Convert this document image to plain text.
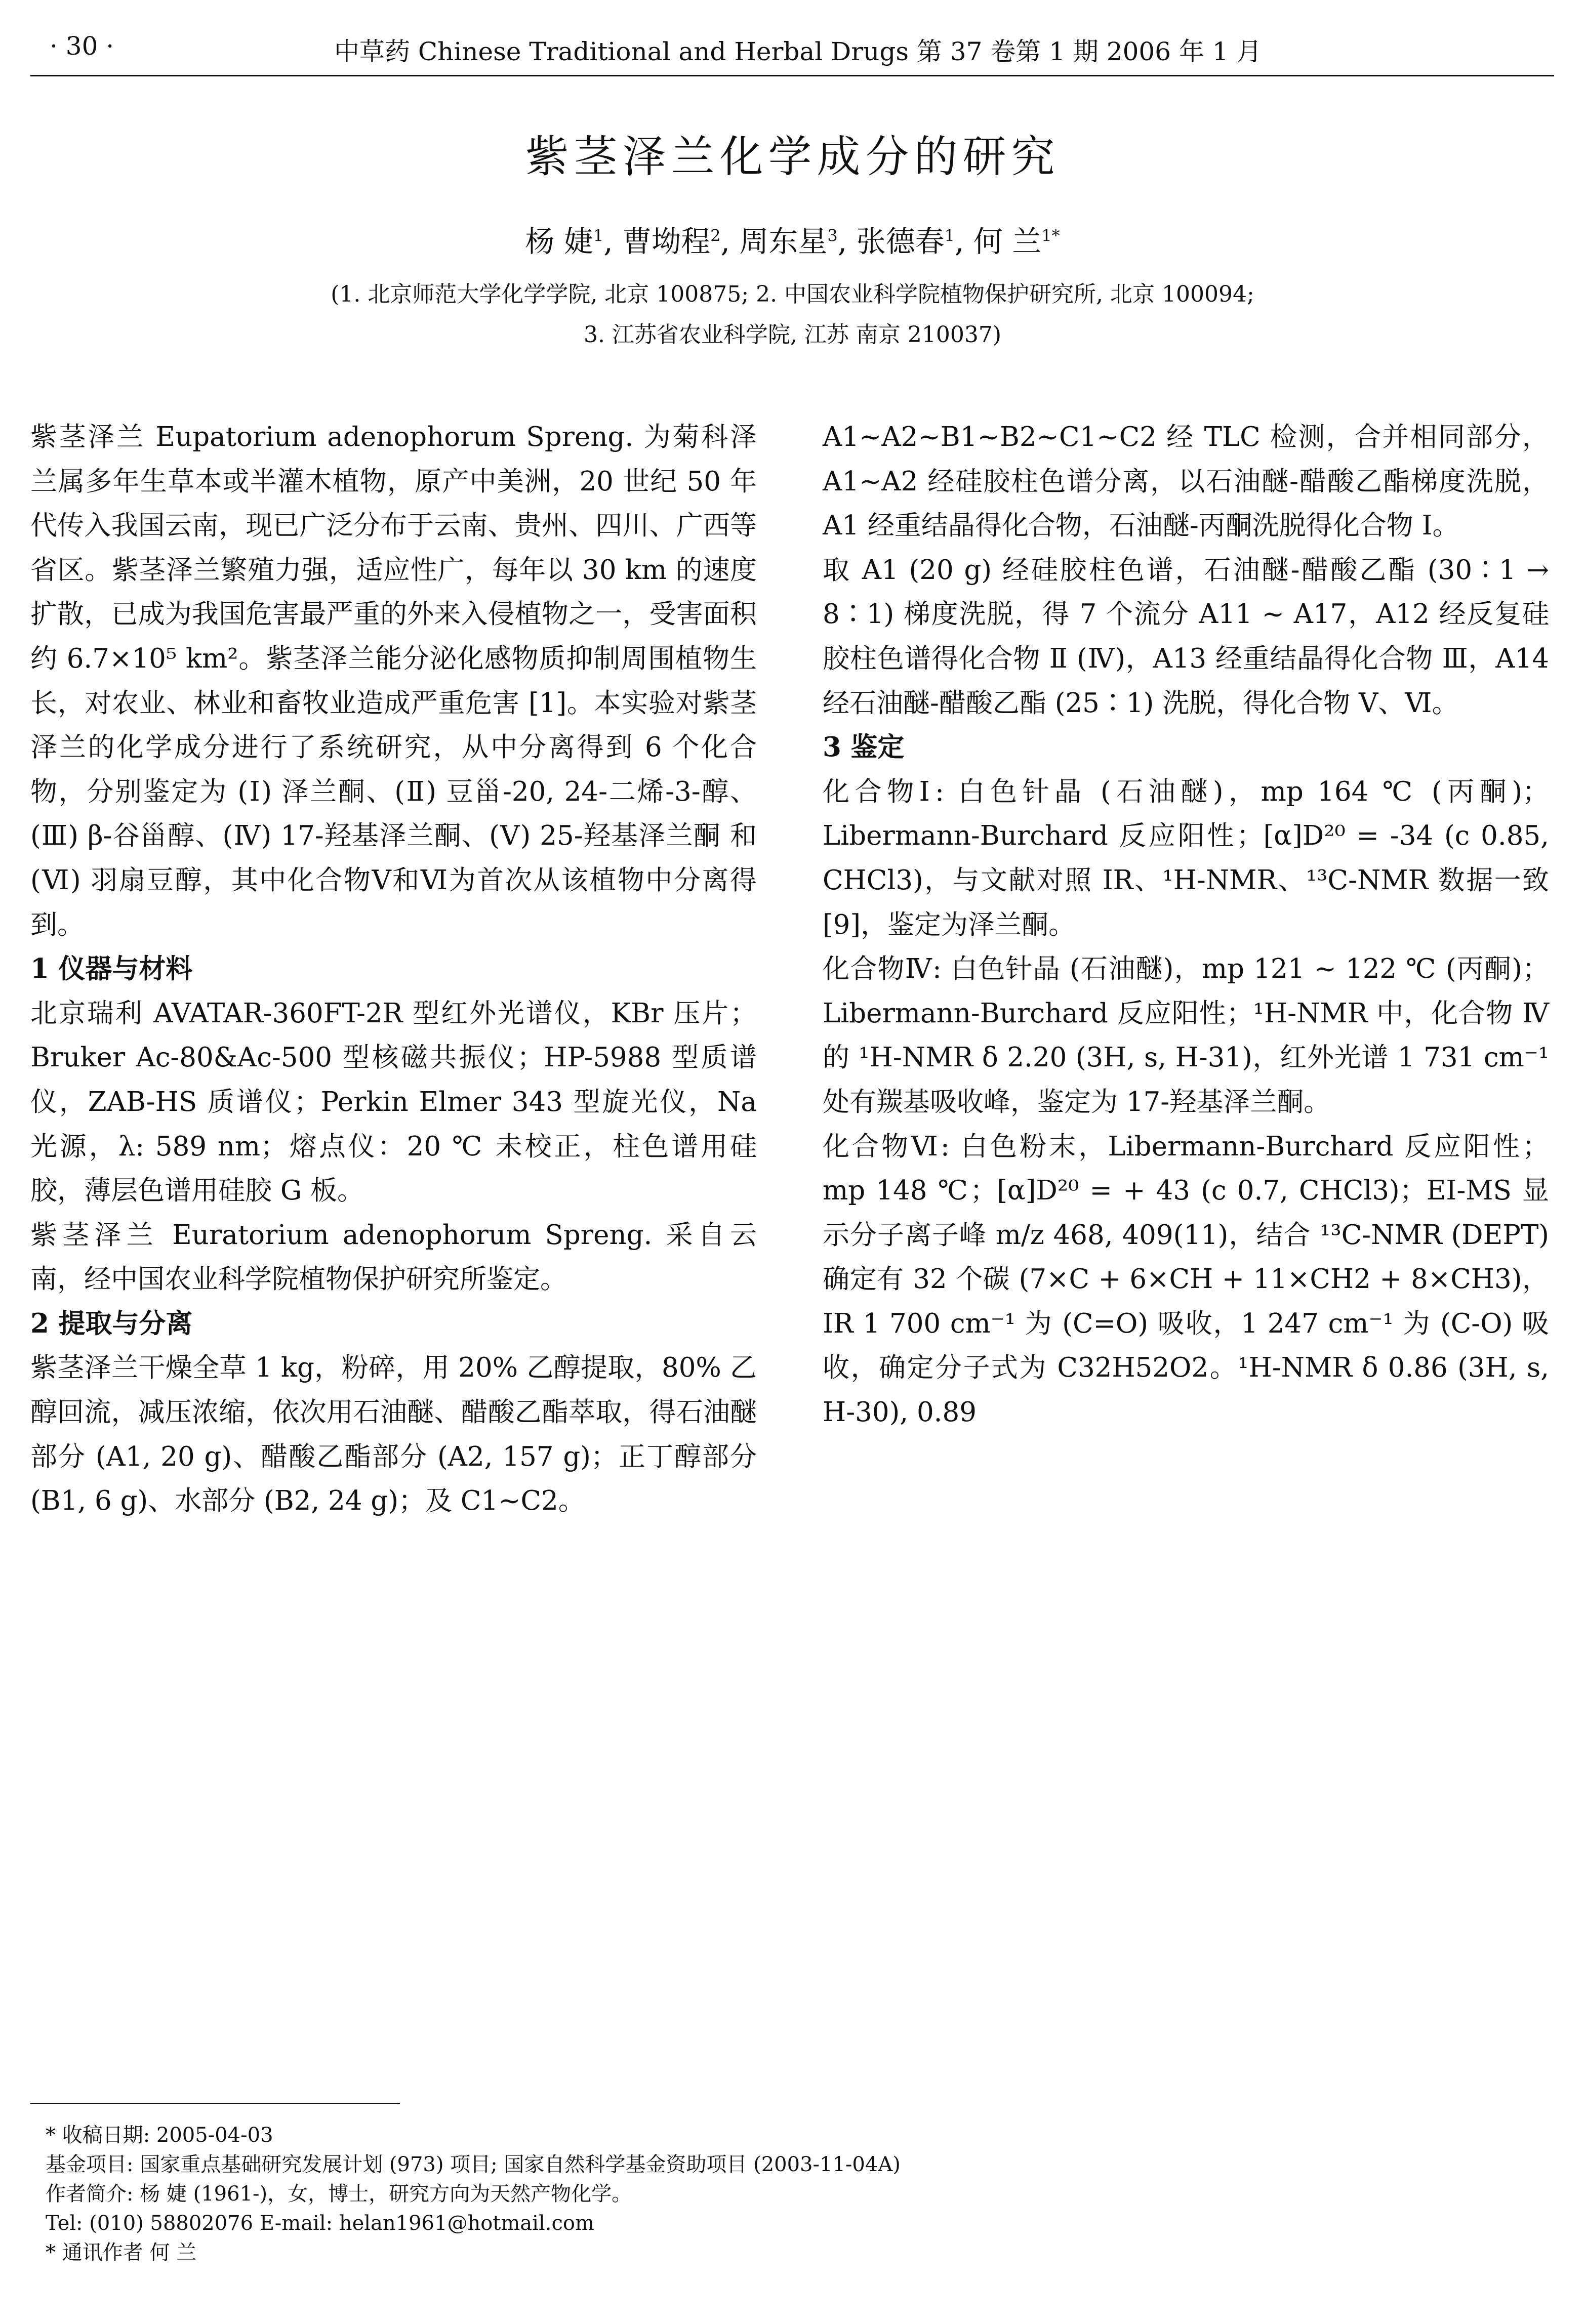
· 30 ·	中草药 Chinese Traditional and Herbal Drugs 第 37 卷第 1 期 2006 年 1 月
紫茎泽兰化学成分的研究
杨 婕$^1$, 曹坳程$^2$, 周东星$^3$, 张德春$^1$, 何 兰$^{1*}$
(1. 北京师范大学化学学院, 北京 100875; 2. 中国农业科学院植物保护研究所, 北京 100094;
3. 江苏省农业科学院, 江苏 南京 210037)

紫茎泽兰 Eupatorium adenophorum Spreng. 为菊科泽兰属多年生草本或半灌木植物，原产中美洲，20 世纪 50 年代传入我国云南，现已广泛分布于云南、贵州、四川、广西等省区。紫茎泽兰繁殖力强，适应性广，每年以 30 km 的速度扩散，已成为我国危害最严重的外来入侵植物之一，受害面积约 6.7×10⁵ km²。紫茎泽兰能分泌化感物质抑制周围植物生长，对农业、林业和畜牧业造成严重危害 [1]。本实验对紫茎泽兰的化学成分进行了系统研究，从中分离得到 6 个化合物，分别鉴定为 (Ⅰ) 泽兰酮、(Ⅱ) 豆甾-20, 24-二烯-3-醇、(Ⅲ) β-谷甾醇、(Ⅳ) 17-羟基泽兰酮、(Ⅴ) 25-羟基泽兰酮 和 (Ⅵ) 羽扇豆醇，其中化合物Ⅴ和Ⅵ为首次从该植物中分离得到。

1 仪器与材料

北京瑞利 AVATAR-360FT-2R 型红外光谱仪，KBr 压片；Bruker Ac-80&Ac-500 型核磁共振仪；HP-5988 型质谱仪，ZAB-HS 质谱仪；Perkin Elmer 343 型旋光仪，Na 光源，λ: 589 nm；熔点仪：20 ℃ 未校正，柱色谱用硅胶，薄层色谱用硅胶 G 板。

紫茎泽兰 Euratorium adenophorum Spreng. 采自云南，经中国农业科学院植物保护研究所鉴定。

2 提取与分离

紫茎泽兰干燥全草 1 kg，粉碎，用 20% 乙醇提取，80% 乙醇回流，减压浓缩，依次用石油醚、醋酸乙酯萃取，得石油醚部分 (A1, 20 g)、醋酸乙酯部分 (A2, 157 g)；正丁醇部分 (B1, 6 g)、水部分 (B2, 24 g)；及 C1~C2。

A1~A2~B1~B2~C1~C2 经 TLC 检测，合并相同部分，A1~A2 经硅胶柱色谱分离，以石油醚-醋酸乙酯梯度洗脱，A1 经重结晶得化合物，石油醚-丙酮洗脱得化合物 Ⅰ。

取 A1 (20 g) 经硅胶柱色谱，石油醚-醋酸乙酯 (30∶1 → 8∶1) 梯度洗脱，得 7 个流分 A11 ~ A17，A12 经反复硅胶柱色谱得化合物 Ⅱ (Ⅳ)，A13 经重结晶得化合物 Ⅲ，A14 经石油醚-醋酸乙酯 (25∶1) 洗脱，得化合物 Ⅴ、Ⅵ。

3 鉴定

化合物Ⅰ: 白色针晶 (石油醚)，mp 164 ℃ (丙酮)；Libermann-Burchard 反应阳性；[α]D²⁰ = -34 (c 0.85, CHCl3)，与文献对照 IR、¹H-NMR、¹³C-NMR 数据一致 [9]，鉴定为泽兰酮。

化合物Ⅳ: 白色针晶 (石油醚)，mp 121 ~ 122 ℃ (丙酮)；Libermann-Burchard 反应阳性；¹H-NMR 中，化合物 Ⅳ 的 ¹H-NMR δ 2.20 (3H, s, H-31)，红外光谱 1 731 cm⁻¹ 处有羰基吸收峰，鉴定为 17-羟基泽兰酮。

化合物Ⅵ: 白色粉末，Libermann-Burchard 反应阳性；mp 148 ℃；[α]D²⁰ = + 43 (c 0.7, CHCl3)；EI-MS 显示分子离子峰 m/z 468, 409(11)，结合 ¹³C-NMR (DEPT) 确定有 32 个碳 (7×C + 6×CH + 11×CH2 + 8×CH3)，IR 1 700 cm⁻¹ 为 (C=O) 吸收，1 247 cm⁻¹ 为 (C-O) 吸收，确定分子式为 C32H52O2。¹H-NMR δ 0.86 (3H, s, H-30), 0.89

* 收稿日期: 2005-04-03
基金项目: 国家重点基础研究发展计划 (973) 项目; 国家自然科学基金资助项目 (2003-11-04A)
作者简介: 杨 婕 (1961-)，女，博士，研究方向为天然产物化学。
Tel: (010) 58802076 E-mail: helan1961@hotmail.com
* 通讯作者 何 兰
